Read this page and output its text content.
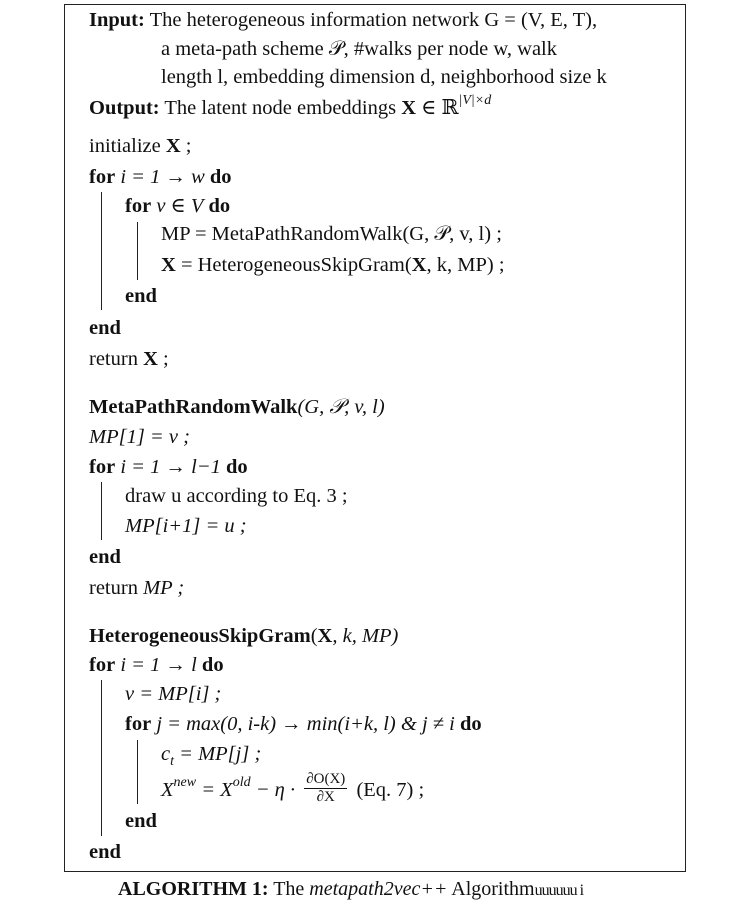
Input: The heterogeneous information network G = (V, E, T),
a meta-path scheme 𝒫, #walks per node w, walk
length l, embedding dimension d, neighborhood size k
Output: The latent node embeddings X ∈ ℝ$^{|V|\times d}$
initialize X ;
for i = 1 → w do
for v ∈ V do
MP = MetaPathRandomWalk(G, 𝒫, v, l) ;
X = HeterogeneousSkipGram(X, k, MP) ;
end
end
return X ;
MetaPathRandomWalk(G, 𝒫, v, l)
MP[1] = v ;
for i = 1 → l−1 do
draw u according to Eq. 3 ;
MP[i+1] = u ;
end
return MP ;
HeterogeneousSkipGram(X, k, MP)
for i = 1 → l do
v = MP[i] ;
for j = max(0, i-k) → min(i+k, l) & j ≠ i do
$c_t = MP[j]$ ;
$X^{new} = X^{old} - \eta \cdot \frac{\partial O(X)}{\partial X} (Eq$. 7) ;
end
end
ALGORITHM 1: The metapath2vec++ Algorithmuuuuuu i
